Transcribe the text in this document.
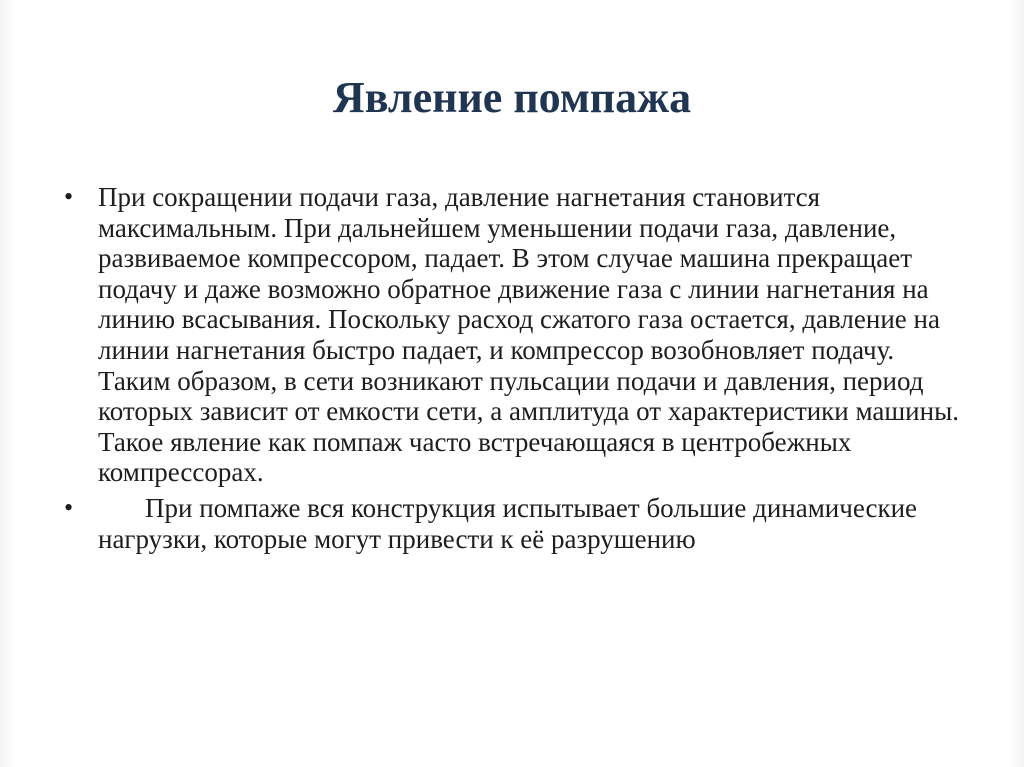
Явление помпажа
• При сокращении подачи газа, давление нагнетания становится максимальным. При дальнейшем уменьшении подачи газа, давление, развиваемое компрессором, падает. В этом случае машина прекращает подачу и даже возможно обратное движение газа с линии нагнетания на линию всасывания. Поскольку расход сжатого газа остается, давление на линии нагнетания быстро падает, и компрессор возобновляет подачу. Таким образом, в сети возникают пульсации подачи и давления, период которых зависит от емкости сети, а амплитуда от характеристики машины. Такое явление как помпаж часто встречающаяся в центробежных компрессорах.
•	При помпаже вся конструкция испытывает большие динамические нагрузки, которые могут привести к её разрушению
